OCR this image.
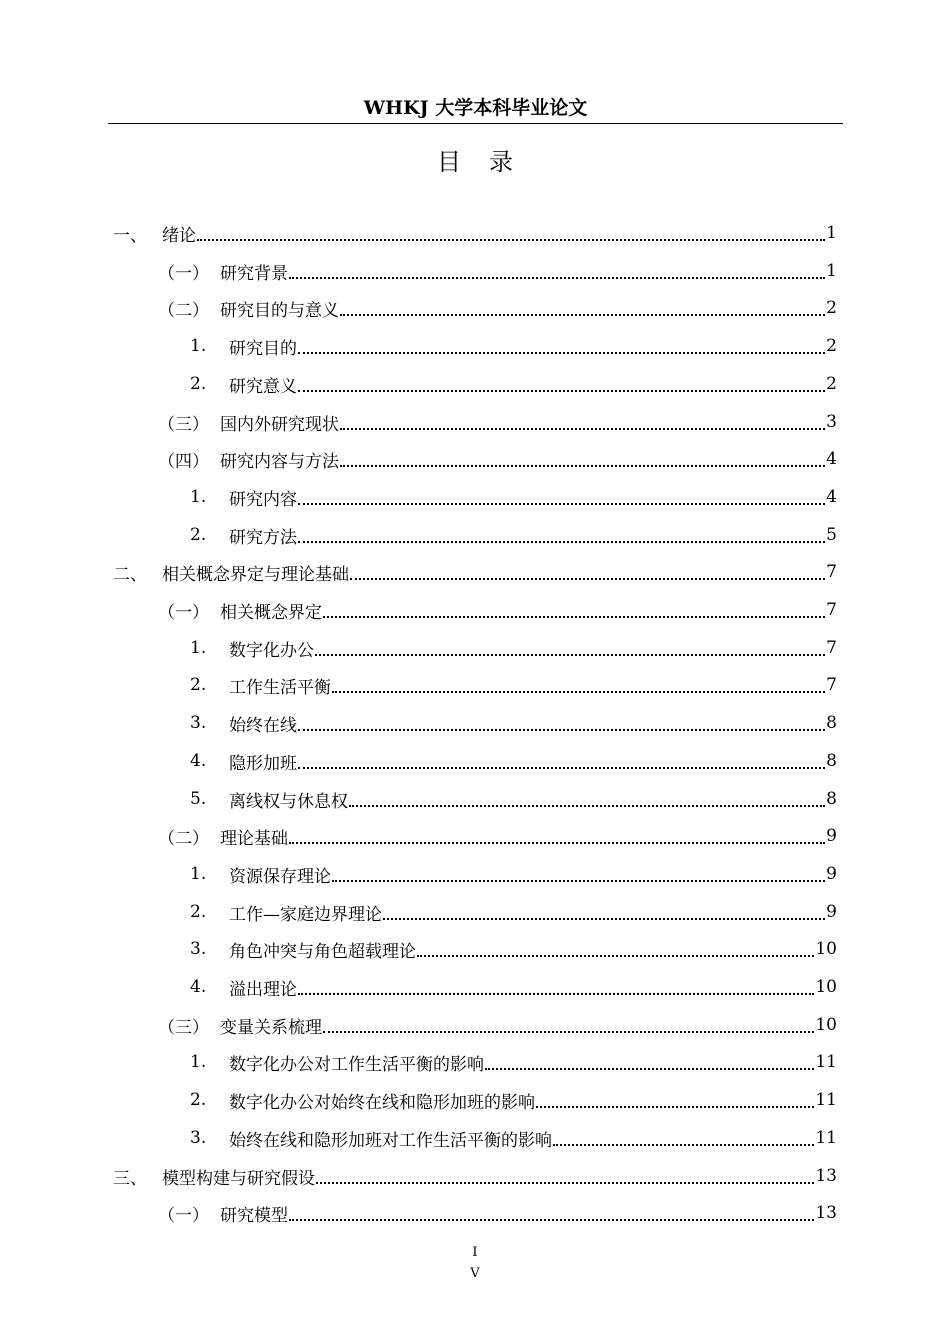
WHKJ 大学本科毕业论文
目录
一、 绪论	1
（一） 研究背景	1
（二） 研究目的与意义	2
1.	研究目的	2
2.	研究意义	2
（三） 国内外研究现状	3
（四） 研究内容与方法	4
1.	研究内容	4
2.	研究方法	5
二、 相关概念界定与理论基础	7
（一） 相关概念界定	7
1.	数字化办公	7
2.	工作生活平衡	7
3.	始终在线	8
4.	隐形加班	8
5.	离线权与休息权	8
（二） 理论基础	9
1.	资源保存理论	9
2.	工作—家庭边界理论	9
3.	角色冲突与角色超载理论	10
4.	溢出理论	10
（三） 变量关系梳理	10
1.	数字化办公对工作生活平衡的影响	11
2.	数字化办公对始终在线和隐形加班的影响	11
3.	始终在线和隐形加班对工作生活平衡的影响	11
三、 模型构建与研究假设	13
（一） 研究模型	13
I
V
